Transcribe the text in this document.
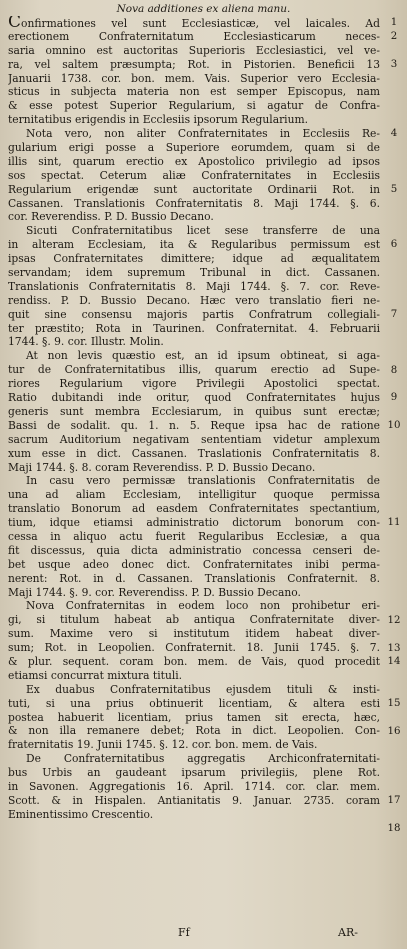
Nova additiones ex aliena manu.
Confirmationes vel sunt Ecclesiasticæ, vel laicales. Ad
erectionem Confraternitatum Ecclesiasticarum neces-
saria omnino est auctoritas Superioris Ecclesiastici, vel ve-
ra, vel saltem præsumpta; Rot. in Pistorien. Beneficii 13
Januarii 1738. cor. bon. mem. Vais. Superior vero Ecclesia-
sticus in subjecta materia non est semper Episcopus, nam
& esse potest Superior Regularium, si agatur de Confra-
ternitatibus erigendis in Ecclesiis ipsorum Regularium.
Nota vero, non aliter Confraternitates in Ecclesiis Re-
gularium erigi posse a Superiore eorumdem, quam si de
illis sint, quarum erectio ex Apostolico privilegio ad ipsos
sos spectat. Ceterum aliæ Confraternitates in Ecclesiis
Regularium erigendæ sunt auctoritate Ordinarii Rot. in
Cassanen. Translationis Confraternitatis 8. Maji 1744. §. 6.
cor. Reverendiss. P. D. Bussio Decano.
Sicuti Confraternitatibus licet sese transferre de una
in alteram Ecclesiam, ita & Regularibus permissum est
ipsas Confraternitates dimittere; idque ad æqualitatem
servandam; idem supremum Tribunal in dict. Cassanen.
Translationis Confraternitatis 8. Maji 1744. §. 7. cor. Reve-
rendiss. P. D. Bussio Decano. Hæc vero translatio fieri ne-
quit sine consensu majoris partis Confratrum collegiali-
ter præstito; Rota in Taurinen. Confraternitat. 4. Februarii
1744. §. 9. cor. Illustr. Molin.
At non levis quæstio est, an id ipsum obtineat, si aga-
tur de Confraternitatibus illis, quarum erectio ad Supe-
riores Regularium vigore Privilegii Apostolici spectat.
Ratio dubitandi inde oritur, quod Confraternitates hujus
generis sunt membra Ecclesiarum, in quibus sunt erectæ;
Bassi de sodalit. qu. 1. n. 5. Reque ipsa hac de ratione
sacrum Auditorium negativam sententiam videtur amplexum
xum esse in dict. Cassanen. Traslationis Confraternitatis 8.
Maji 1744. §. 8. coram Reverendiss. P. D. Bussio Decano.
In casu vero permissæ translationis Confraternitatis de
una ad aliam Ecclesiam, intelligitur quoque permissa
translatio Bonorum ad easdem Confraternitates spectantium,
tium, idque etiamsi administratio dictorum bonorum con-
cessa in aliquo actu fuerit Regularibus Ecclesiæ, a qua
fit discessus, quia dicta administratio concessa censeri de-
bet usque adeo donec dict. Confraternitates inibi perma-
nerent: Rot. in d. Cassanen. Translationis Confraternit. 8.
Maji 1744. §. 9. cor. Reverendiss. P. D. Bussio Decano.
Nova Confraternitas in eodem loco non prohibetur eri-
gi, si titulum habeat ab antiqua Confraternitate diver-
sum. Maxime vero si institutum itidem habeat diver-
sum; Rot. in Leopolien. Confraternit. 18. Junii 1745. §. 7.
& plur. sequent. coram bon. mem. de Vais, quod procedit
etiamsi concurrat mixtura tituli.
Ex duabus Confraternitatibus ejusdem tituli & insti-
tuti, si una prius obtinuerit licentiam, & altera esti
postea habuerit licentiam, prius tamen sit erecta, hæc,
& non illa remanere debet; Rota in dict. Leopolien. Con-
fraternitatis 19. Junii 1745. §. 12. cor. bon. mem. de Vais.
De Confraternitatibus aggregatis Archiconfraternitati-
bus Urbis an gaudeant ipsarum privilegiis, plene Rot.
in Savonen. Aggregationis 16. April. 1714. cor. clar. mem.
Scott. & in Hispalen. Antianitatis 9. Januar. 2735. coram
Eminentissimo Crescentio.
1
2
3
4
5
6
7
8
9
10
11
12
13
14
15
16
17
18
Ff	AR-
